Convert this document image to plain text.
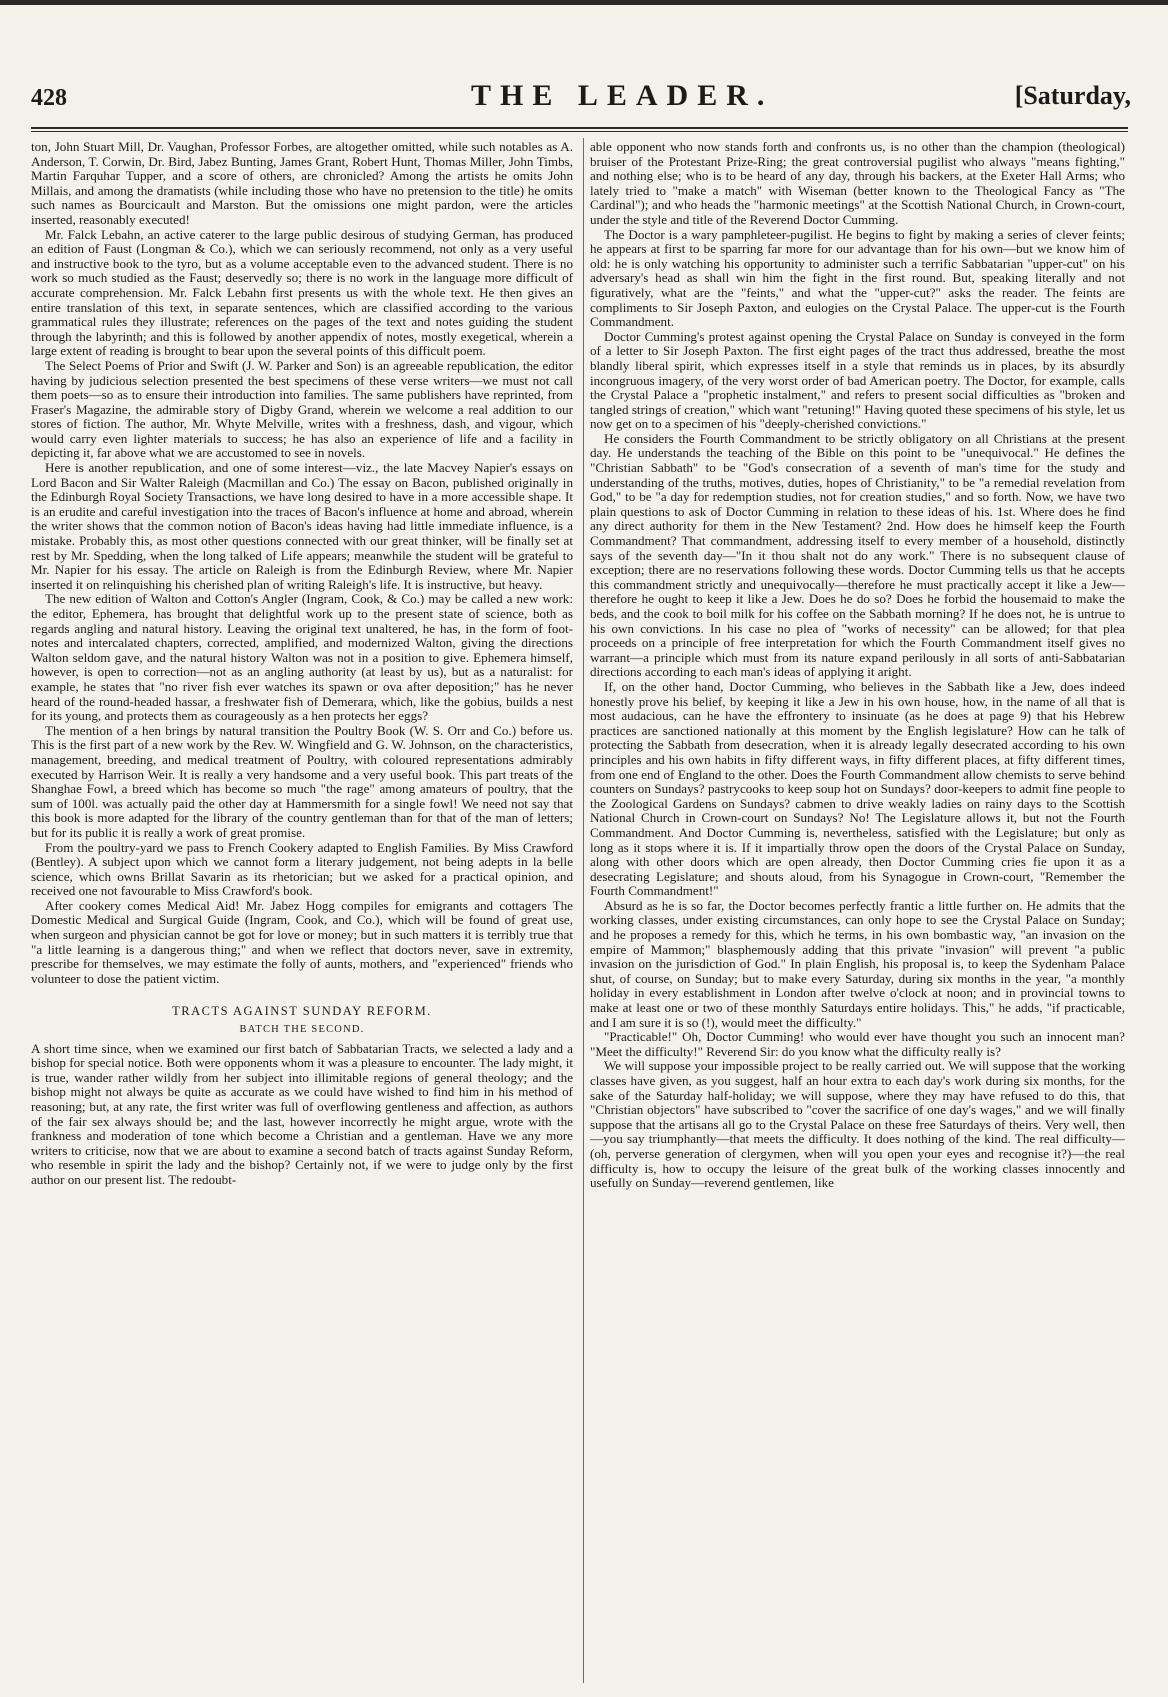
428	THE LEADER.	[Saturday,

ton, John Stuart Mill, Dr. Vaughan, Professor Forbes, are altogether omitted, while such notables as A. Anderson, T. Corwin, Dr. Bird, Jabez Bunting, James Grant, Robert Hunt, Thomas Miller, John Timbs, Martin Farquhar Tupper, and a score of others, are chronicled? Among the artists he omits John Millais, and among the dramatists (while including those who have no pretension to the title) he omits such names as Bourcicault and Marston. But the omissions one might pardon, were the articles inserted, reasonably executed!

Mr. Falck Lebahn, an active caterer to the large public desirous of studying German, has produced an edition of Faust (Longman & Co.), which we can seriously recommend, not only as a very useful and instructive book to the tyro, but as a volume acceptable even to the advanced student. There is no work so much studied as the Faust; deservedly so; there is no work in the language more difficult of accurate comprehension. Mr. Falck Lebahn first presents us with the whole text. He then gives an entire translation of this text, in separate sentences, which are classified according to the various grammatical rules they illustrate; references on the pages of the text and notes guiding the student through the labyrinth; and this is followed by another appendix of notes, mostly exegetical, wherein a large extent of reading is brought to bear upon the several points of this difficult poem.

The Select Poems of Prior and Swift (J. W. Parker and Son) is an agreeable republication, the editor having by judicious selection presented the best specimens of these verse writers—we must not call them poets—so as to ensure their introduction into families. The same publishers have reprinted, from Fraser's Magazine, the admirable story of Digby Grand, wherein we welcome a real addition to our stores of fiction. The author, Mr. Whyte Melville, writes with a freshness, dash, and vigour, which would carry even lighter materials to success; he has also an experience of life and a facility in depicting it, far above what we are accustomed to see in novels.

Here is another republication, and one of some interest—viz., the late Macvey Napier's essays on Lord Bacon and Sir Walter Raleigh (Macmillan and Co.) The essay on Bacon, published originally in the Edinburgh Royal Society Transactions, we have long desired to have in a more accessible shape. It is an erudite and careful investigation into the traces of Bacon's influence at home and abroad, wherein the writer shows that the common notion of Bacon's ideas having had little immediate influence, is a mistake. Probably this, as most other questions connected with our great thinker, will be finally set at rest by Mr. Spedding, when the long talked of Life appears; meanwhile the student will be grateful to Mr. Napier for his essay. The article on Raleigh is from the Edinburgh Review, where Mr. Napier inserted it on relinquishing his cherished plan of writing Raleigh's life. It is instructive, but heavy.

The new edition of Walton and Cotton's Angler (Ingram, Cook, & Co.) may be called a new work: the editor, Ephemera, has brought that delightful work up to the present state of science, both as regards angling and natural history. Leaving the original text unaltered, he has, in the form of foot-notes and intercalated chapters, corrected, amplified, and modernized Walton, giving the directions Walton seldom gave, and the natural history Walton was not in a position to give. Ephemera himself, however, is open to correction—not as an angling authority (at least by us), but as a naturalist: for example, he states that "no river fish ever watches its spawn or ova after deposition;" has he never heard of the round-headed hassar, a freshwater fish of Demerara, which, like the gobius, builds a nest for its young, and protects them as courageously as a hen protects her eggs?

The mention of a hen brings by natural transition the Poultry Book (W. S. Orr and Co.) before us. This is the first part of a new work by the Rev. W. Wingfield and G. W. Johnson, on the characteristics, management, breeding, and medical treatment of Poultry, with coloured representations admirably executed by Harrison Weir. It is really a very handsome and a very useful book. This part treats of the Shanghae Fowl, a breed which has become so much "the rage" among amateurs of poultry, that the sum of 100l. was actually paid the other day at Hammersmith for a single fowl! We need not say that this book is more adapted for the library of the country gentleman than for that of the man of letters; but for its public it is really a work of great promise.

From the poultry-yard we pass to French Cookery adapted to English Families. By Miss Crawford (Bentley). A subject upon which we cannot form a literary judgement, not being adepts in la belle science, which owns Brillat Savarin as its rhetorician; but we asked for a practical opinion, and received one not favourable to Miss Crawford's book.

After cookery comes Medical Aid! Mr. Jabez Hogg compiles for emigrants and cottagers The Domestic Medical and Surgical Guide (Ingram, Cook, and Co.), which will be found of great use, when surgeon and physician cannot be got for love or money; but in such matters it is terribly true that "a little learning is a dangerous thing;" and when we reflect that doctors never, save in extremity, prescribe for themselves, we may estimate the folly of aunts, mothers, and "experienced" friends who volunteer to dose the patient victim.

TRACTS AGAINST SUNDAY REFORM.
BATCH THE SECOND.

A short time since, when we examined our first batch of Sabbatarian Tracts, we selected a lady and a bishop for special notice. Both were opponents whom it was a pleasure to encounter. The lady might, it is true, wander rather wildly from her subject into illimitable regions of general theology; and the bishop might not always be quite as accurate as we could have wished to find him in his method of reasoning; but, at any rate, the first writer was full of overflowing gentleness and affection, as authors of the fair sex always should be; and the last, however incorrectly he might argue, wrote with the frankness and moderation of tone which become a Christian and a gentleman. Have we any more writers to criticise, now that we are about to examine a second batch of tracts against Sunday Reform, who resemble in spirit the lady and the bishop? Certainly not, if we were to judge only by the first author on our present list. The redoubt-

able opponent who now stands forth and confronts us, is no other than the champion (theological) bruiser of the Protestant Prize-Ring; the great controversial pugilist who always "means fighting," and nothing else; who is to be heard of any day, through his backers, at the Exeter Hall Arms; who lately tried to "make a match" with Wiseman (better known to the Theological Fancy as "The Cardinal"); and who heads the "harmonic meetings" at the Scottish National Church, in Crown-court, under the style and title of the Reverend Doctor Cumming.

The Doctor is a wary pamphleteer-pugilist. He begins to fight by making a series of clever feints; he appears at first to be sparring far more for our advantage than for his own—but we know him of old: he is only watching his opportunity to administer such a terrific Sabbatarian "upper-cut" on his adversary's head as shall win him the fight in the first round. But, speaking literally and not figuratively, what are the "feints," and what the "upper-cut?" asks the reader. The feints are compliments to Sir Joseph Paxton, and eulogies on the Crystal Palace. The upper-cut is the Fourth Commandment.

Doctor Cumming's protest against opening the Crystal Palace on Sunday is conveyed in the form of a letter to Sir Joseph Paxton. The first eight pages of the tract thus addressed, breathe the most blandly liberal spirit, which expresses itself in a style that reminds us in places, by its absurdly incongruous imagery, of the very worst order of bad American poetry. The Doctor, for example, calls the Crystal Palace a "prophetic instalment," and refers to present social difficulties as "broken and tangled strings of creation," which want "retuning!" Having quoted these specimens of his style, let us now get on to a specimen of his "deeply-cherished convictions."

He considers the Fourth Commandment to be strictly obligatory on all Christians at the present day. He understands the teaching of the Bible on this point to be "unequivocal." He defines the "Christian Sabbath" to be "God's consecration of a seventh of man's time for the study and understanding of the truths, motives, duties, hopes of Christianity," to be "a remedial revelation from God," to be "a day for redemption studies, not for creation studies," and so forth. Now, we have two plain questions to ask of Doctor Cumming in relation to these ideas of his. 1st. Where does he find any direct authority for them in the New Testament? 2nd. How does he himself keep the Fourth Commandment? That commandment, addressing itself to every member of a household, distinctly says of the seventh day—"In it thou shalt not do any work." There is no subsequent clause of exception; there are no reservations following these words. Doctor Cumming tells us that he accepts this commandment strictly and unequivocally—therefore he must practically accept it like a Jew—therefore he ought to keep it like a Jew. Does he do so? Does he forbid the housemaid to make the beds, and the cook to boil milk for his coffee on the Sabbath morning? If he does not, he is untrue to his own convictions. In his case no plea of "works of necessity" can be allowed; for that plea proceeds on a principle of free interpretation for which the Fourth Commandment itself gives no warrant—a principle which must from its nature expand perilously in all sorts of anti-Sabbatarian directions according to each man's ideas of applying it aright.

If, on the other hand, Doctor Cumming, who believes in the Sabbath like a Jew, does indeed honestly prove his belief, by keeping it like a Jew in his own house, how, in the name of all that is most audacious, can he have the effrontery to insinuate (as he does at page 9) that his Hebrew practices are sanctioned nationally at this moment by the English legislature? How can he talk of protecting the Sabbath from desecration, when it is already legally desecrated according to his own principles and his own habits in fifty different ways, in fifty different places, at fifty different times, from one end of England to the other. Does the Fourth Commandment allow chemists to serve behind counters on Sundays? pastrycooks to keep soup hot on Sundays? door-keepers to admit fine people to the Zoological Gardens on Sundays? cabmen to drive weakly ladies on rainy days to the Scottish National Church in Crown-court on Sundays? No! The Legislature allows it, but not the Fourth Commandment. And Doctor Cumming is, nevertheless, satisfied with the Legislature; but only as long as it stops where it is. If it impartially throw open the doors of the Crystal Palace on Sunday, along with other doors which are open already, then Doctor Cumming cries fie upon it as a desecrating Legislature; and shouts aloud, from his Synagogue in Crown-court, "Remember the Fourth Commandment!"

Absurd as he is so far, the Doctor becomes perfectly frantic a little further on. He admits that the working classes, under existing circumstances, can only hope to see the Crystal Palace on Sunday; and he proposes a remedy for this, which he terms, in his own bombastic way, "an invasion on the empire of Mammon;" blasphemously adding that this private "invasion" will prevent "a public invasion on the jurisdiction of God." In plain English, his proposal is, to keep the Sydenham Palace shut, of course, on Sunday; but to make every Saturday, during six months in the year, "a monthly holiday in every establishment in London after twelve o'clock at noon; and in provincial towns to make at least one or two of these monthly Saturdays entire holidays. This," he adds, "if practicable, and I am sure it is so (!), would meet the difficulty."

"Practicable!" Oh, Doctor Cumming! who would ever have thought you such an innocent man? "Meet the difficulty!" Reverend Sir: do you know what the difficulty really is?

We will suppose your impossible project to be really carried out. We will suppose that the working classes have given, as you suggest, half an hour extra to each day's work during six months, for the sake of the Saturday half-holiday; we will suppose, where they may have refused to do this, that "Christian objectors" have subscribed to "cover the sacrifice of one day's wages," and we will finally suppose that the artisans all go to the Crystal Palace on these free Saturdays of theirs. Very well, then—you say triumphantly—that meets the difficulty. It does nothing of the kind. The real difficulty—(oh, perverse generation of clergymen, when will you open your eyes and recognise it?)—the real difficulty is, how to occupy the leisure of the great bulk of the working classes innocently and usefully on Sunday—reverend gentlemen, like
